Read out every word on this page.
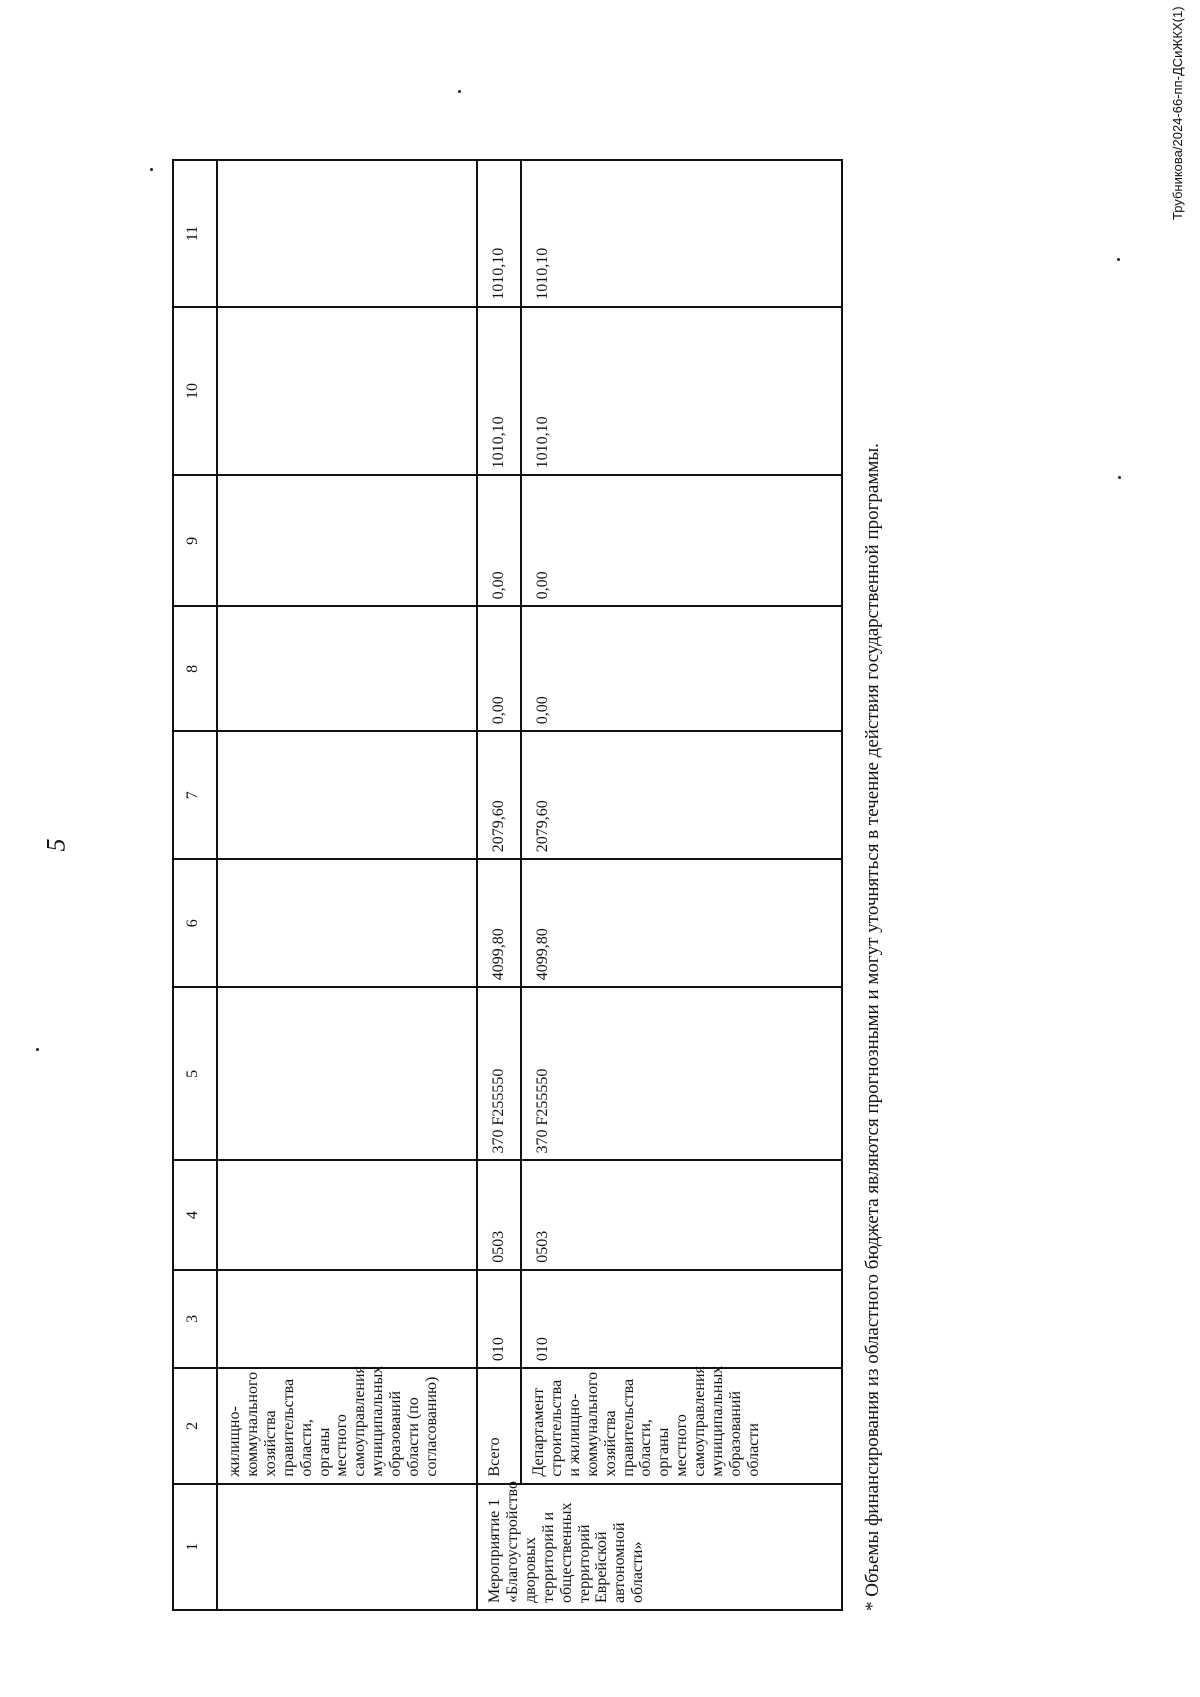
5
1	2	3	4	5	6	7	8	9	10	11
	жилищно-коммунального хозяйства правительства области, органы местного самоуправления муниципальных образований области (по согласованию)									
Мероприятие 1 «Благоустройство дворовых территорий и общественных территорий Еврейской автономной области»	Всего	010	0503	370 F255550	4099,80	2079,60	0,00	0,00	1010,10	1010,10
	Департамент строительства и жилищно-коммунального хозяйства правительства области, органы местного самоуправления муниципальных образований области	010	0503	370 F255550	4099,80	2079,60	0,00	0,00	1010,10	1010,10
* Объемы финансирования из областного бюджета являются прогнозными и могут уточняться в течение действия государственной программы.
Трубникова/2024-66-пп-ДСиЖКХ(1)
